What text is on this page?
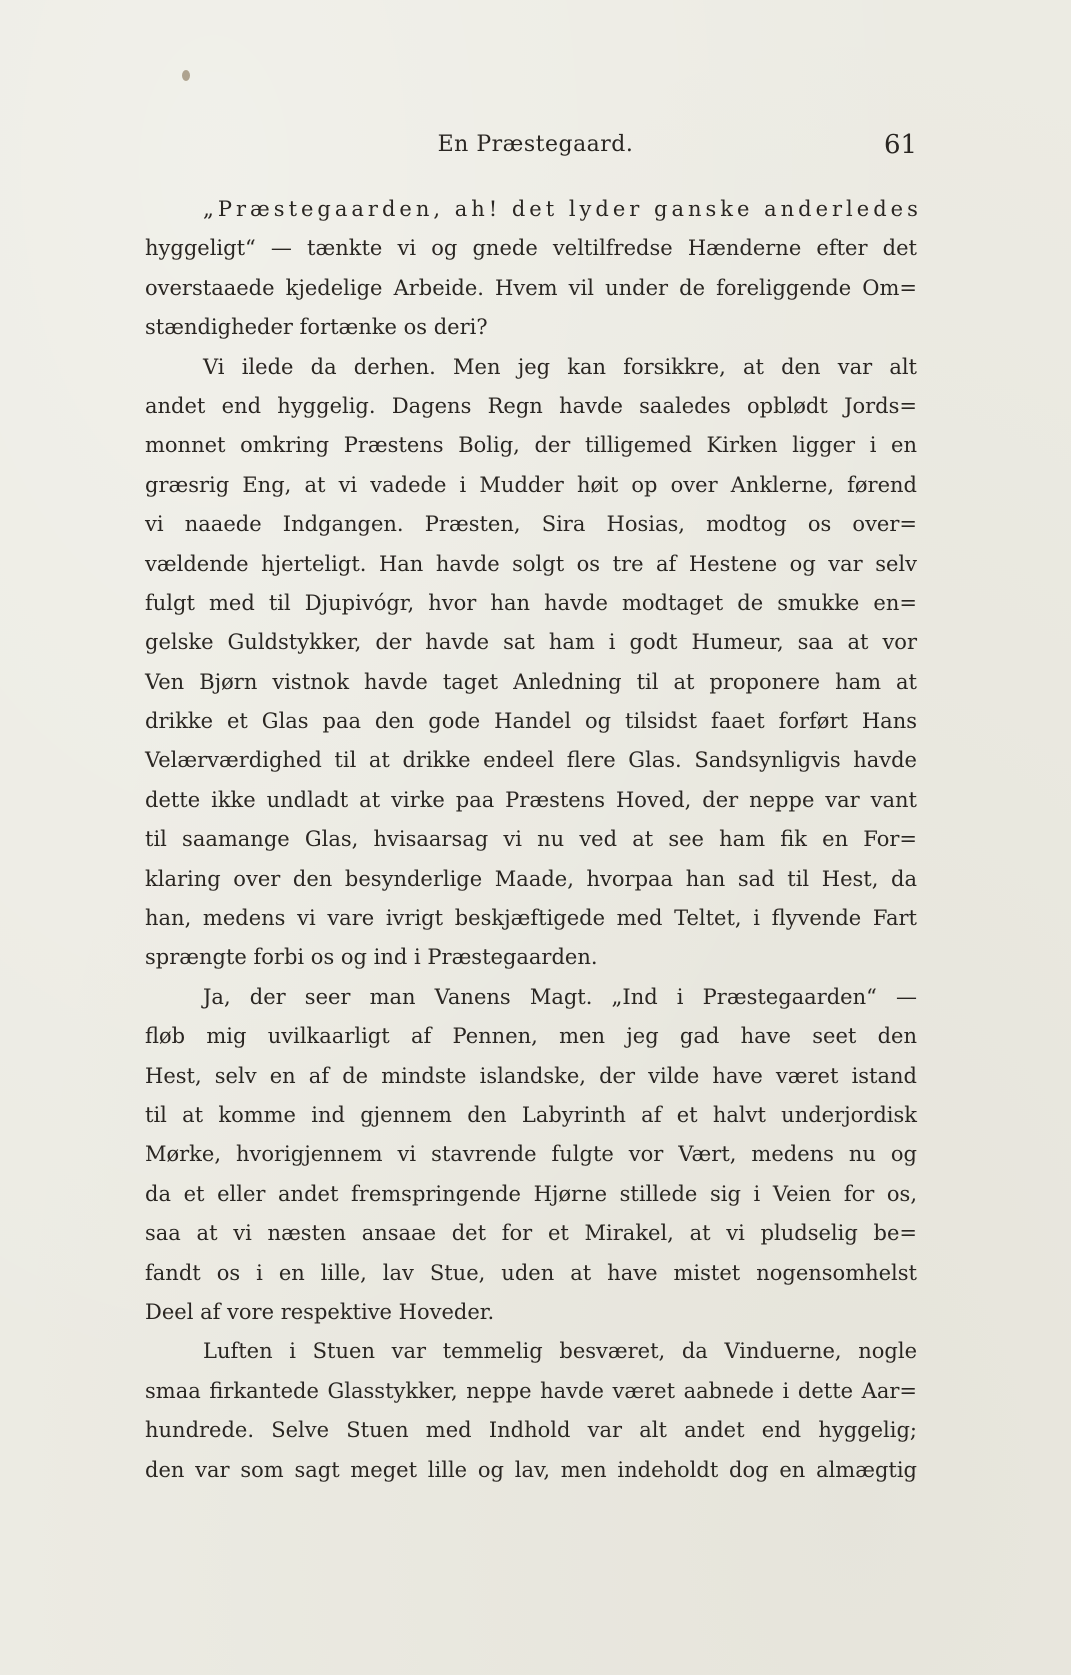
En Præstegaard.	61
„Præstegaarden, ah! det lyder ganske anderledes
hyggeligt“ — tænkte vi og gnede veltilfredse Hænderne efter det
overstaaede kjedelige Arbeide. Hvem vil under de foreliggende Om=
stændigheder fortænke os deri?
Vi ilede da derhen. Men jeg kan forsikkre, at den var alt
andet end hyggelig. Dagens Regn havde saaledes opblødt Jords=
monnet omkring Præstens Bolig, der tilligemed Kirken ligger i en
græsrig Eng, at vi vadede i Mudder høit op over Anklerne, førend
vi naaede Indgangen. Præsten, Sira Hosias, modtog os over=
vældende hjerteligt. Han havde solgt os tre af Hestene og var selv
fulgt med til Djupivógr, hvor han havde modtaget de smukke en=
gelske Guldstykker, der havde sat ham i godt Humeur, saa at vor
Ven Bjørn vistnok havde taget Anledning til at proponere ham at
drikke et Glas paa den gode Handel og tilsidst faaet forført Hans
Velærværdighed til at drikke endeel flere Glas. Sandsynligvis havde
dette ikke undladt at virke paa Præstens Hoved, der neppe var vant
til saamange Glas, hvisaarsag vi nu ved at see ham fik en For=
klaring over den besynderlige Maade, hvorpaa han sad til Hest, da
han, medens vi vare ivrigt beskjæftigede med Teltet, i flyvende Fart
sprængte forbi os og ind i Præstegaarden.
Ja, der seer man Vanens Magt. „Ind i Præstegaarden“ —
fløb mig uvilkaarligt af Pennen, men jeg gad have seet den
Hest, selv en af de mindste islandske, der vilde have været istand
til at komme ind gjennem den Labyrinth af et halvt underjordisk
Mørke, hvorigjennem vi stavrende fulgte vor Vært, medens nu og
da et eller andet fremspringende Hjørne stillede sig i Veien for os,
saa at vi næsten ansaae det for et Mirakel, at vi pludselig be=
fandt os i en lille, lav Stue, uden at have mistet nogensomhelst
Deel af vore respektive Hoveder.
Luften i Stuen var temmelig besværet, da Vinduerne, nogle
smaa firkantede Glasstykker, neppe havde været aabnede i dette Aar=
hundrede. Selve Stuen med Indhold var alt andet end hyggelig;
den var som sagt meget lille og lav, men indeholdt dog en almægtig
